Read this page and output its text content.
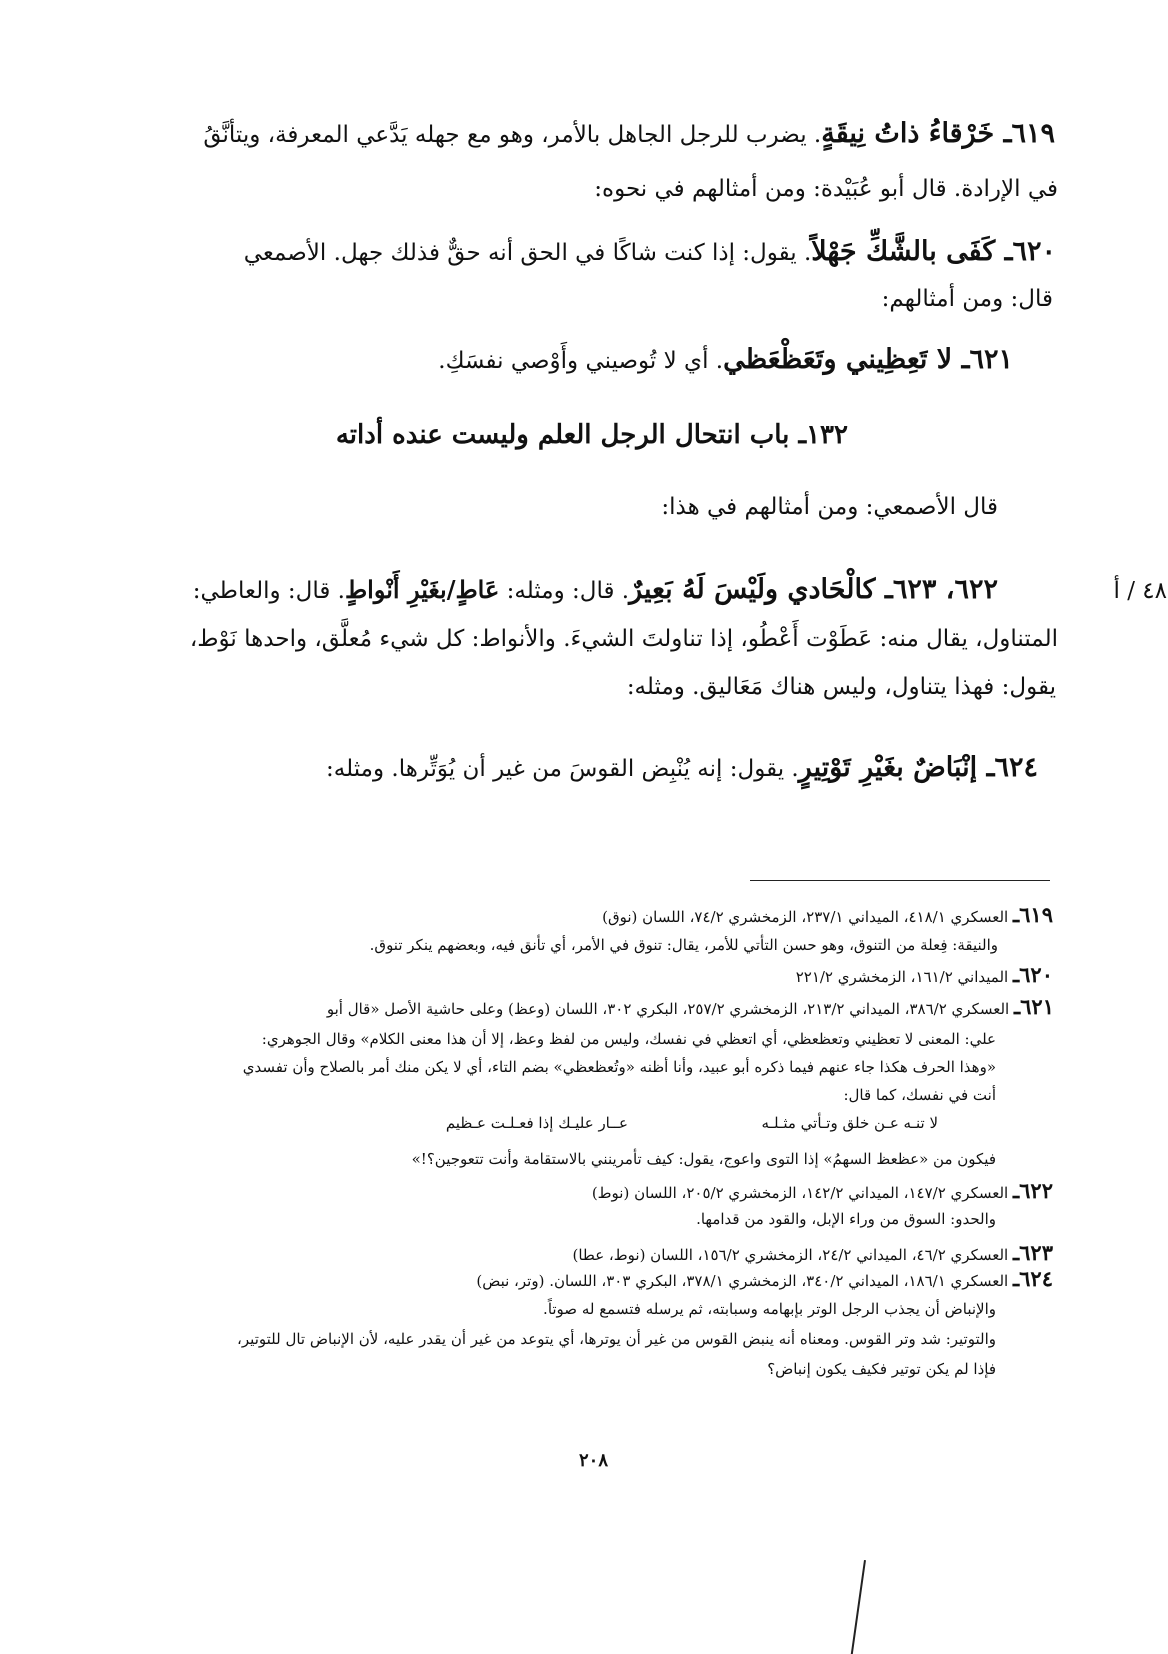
٦١٩ـ خَرْقاءُ ذاتُ نِيقَةٍ. يضرب للرجل الجاهل بالأمر، وهو مع جهله يَدَّعي المعرفة، ويتأنَّقُ
في الإرادة. قال أبو عُبَيْدة: ومن أمثالهم في نحوه:
٦٢٠ـ كَفَى بالشَّكِّ جَهْلاً. يقول: إذا كنت شاكًا في الحق أنه حقٌّ فذلك جهل. الأصمعي
قال: ومن أمثالهم:
٦٢١ـ لا تَعِظِيني وتَعَظْعَظي. أي لا تُوصيني وأَوْصي نفسَكِ.
١٣٢ـ باب انتحال الرجل العلم وليست عنده أداته
قال الأصمعي: ومن أمثالهم في هذا:
٦٢٢، ٦٢٣ـ كالْحَادي ولَيْسَ لَهُ بَعِيرٌ. قال: ومثله: عَاطٍ/بغَيْرِ أَنْواطٍ. قال: والعاطي:	٤٨ / أ
المتناول، يقال منه: عَطَوْت أَعْطُو، إذا تناولتَ الشيءَ. والأنواط: كل شيء مُعلَّق، واحدها نَوْط،
يقول: فهذا يتناول، وليس هناك مَعَاليق. ومثله:
٦٢٤ـ إنْبَاضٌ بغَيْرِ تَوْتِيرٍ. يقول: إنه يُنْبِض القوسَ من غير أن يُوَتِّرها. ومثله:
٦١٩ـ العسكري ٤١٨/١، الميداني ٢٣٧/١، الزمخشري ٧٤/٢، اللسان (نوق)
والنيقة: فِعلة من التنوق، وهو حسن التأتي للأمر، يقال: تنوق في الأمر، أي تأنق فيه، وبعضهم ينكر تنوق.
٦٢٠ـ الميداني ١٦١/٢، الزمخشري ٢٢١/٢
٦٢١ـ العسكري ٣٨٦/٢، الميداني ٢١٣/٢، الزمخشري ٢٥٧/٢، البكري ٣٠٢، اللسان (وعظ) وعلى حاشية الأصل «قال أبو
علي: المعنى لا تعظيني وتعظعظي، أي اتعظي في نفسك، وليس من لفظ وعظ، إلا أن هذا معنى الكلام» وقال الجوهري:
«وهذا الحرف هكذا جاء عنهم فيما ذكره أبو عبيد، وأنا أظنه «وتُعظعظي» بضم التاء، أي لا يكن منك أمر بالصلاح وأن تفسدي
أنت في نفسك، كما قال:
لا تنـه عـن خلق وتـأتي مثـلـه
عــار عليـك إذا فعـلـت عـظيم
فيكون من «عظعظ السهمُ» إذا التوى واعوج، يقول: كيف تأمرينني بالاستقامة وأنت تتعوجين؟!»
٦٢٢ـ العسكري ١٤٧/٢، الميداني ١٤٢/٢، الزمخشري ٢٠٥/٢، اللسان (نوط)
والحدو: السوق من وراء الإبل، والقود من قدامها.
٦٢٣ـ العسكري ٤٦/٢، الميداني ٢٤/٢، الزمخشري ١٥٦/٢، اللسان (نوط، عطا)
٦٢٤ـ العسكري ١٨٦/١، الميداني ٣٤٠/٢، الزمخشري ٣٧٨/١، البكري ٣٠٣، اللسان. (وتر، نبض)
والإنباض أن يجذب الرجل الوتر بإبهامه وسبابته، ثم يرسله فتسمع له صوتاً.
والتوتير: شد وتر القوس. ومعناه أنه ينبض القوس من غير أن يوترها، أي يتوعد من غير أن يقدر عليه، لأن الإنباض تال للتوتير،
فإذا لم يكن توتير فكيف يكون إنباض؟
٢٠٨
